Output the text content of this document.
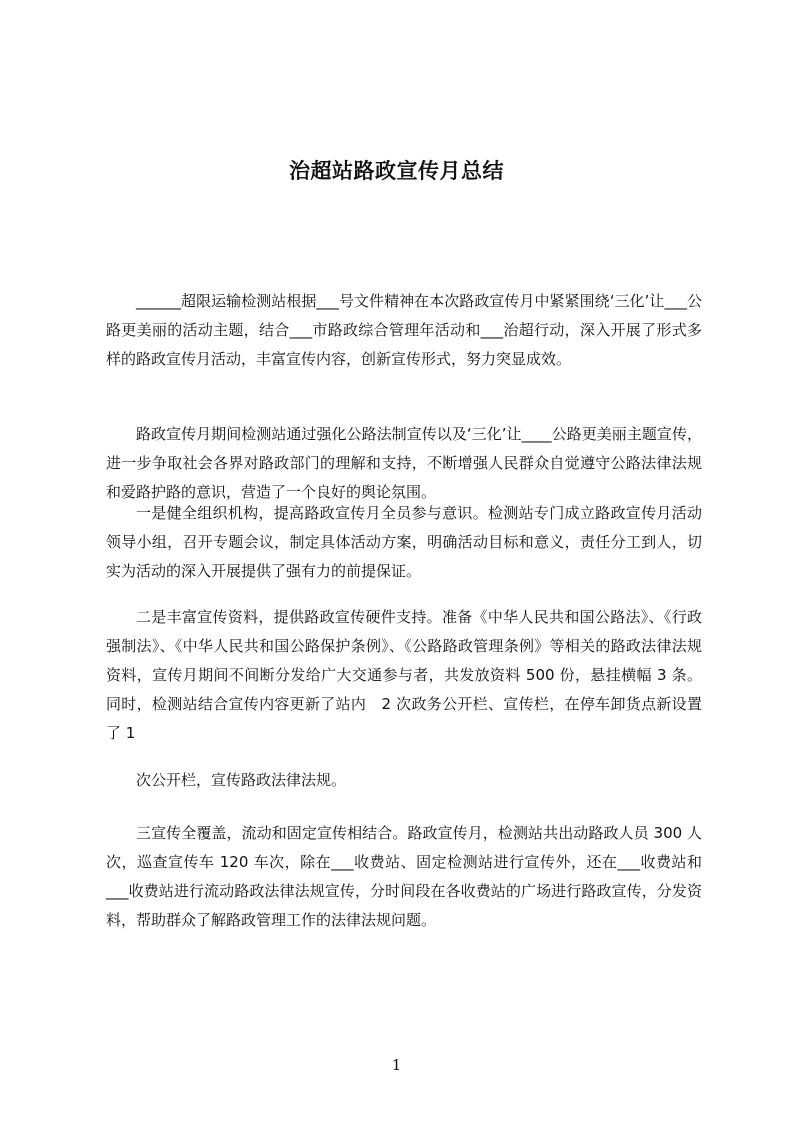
治超站路政宣传月总结

______超限运输检测站根据___号文件精神在本次路政宣传月中紧紧围绕‘三化’让___公路更美丽的活动主题，结合___市路政综合管理年活动和___治超行动，深入开展了形式多样的路政宣传月活动，丰富宣传内容，创新宣传形式，努力突显成效。

路政宣传月期间检测站通过强化公路法制宣传以及‘三化’让____公路更美丽主题宣传，进一步争取社会各界对路政部门的理解和支持，不断增强人民群众自觉遵守公路法律法规和爱路护路的意识，营造了一个良好的舆论氛围。

一是健全组织机构，提高路政宣传月全员参与意识。检测站专门成立路政宣传月活动领导小组，召开专题会议，制定具体活动方案，明确活动目标和意义，责任分工到人，切实为活动的深入开展提供了强有力的前提保证。

二是丰富宣传资料，提供路政宣传硬件支持。准备《中华人民共和国公路法》、《行政强制法》、《中华人民共和国公路保护条例》、《公路路政管理条例》等相关的路政法律法规资料，宣传月期间不间断分发给广大交通参与者，共发放资料 500 份，悬挂横幅 3 条。同时，检测站结合宣传内容更新了站内　2 次政务公开栏、宣传栏，在停车卸货点新设置了 1

次公开栏，宣传路政法律法规。

三宣传全覆盖，流动和固定宣传相结合。路政宣传月，检测站共出动路政人员 300 人次，巡查宣传车 120 车次，除在___收费站、固定检测站进行宣传外，还在___收费站和___收费站进行流动路政法律法规宣传，分时间段在各收费站的广场进行路政宣传，分发资料，帮助群众了解路政管理工作的法律法规问题。

1
